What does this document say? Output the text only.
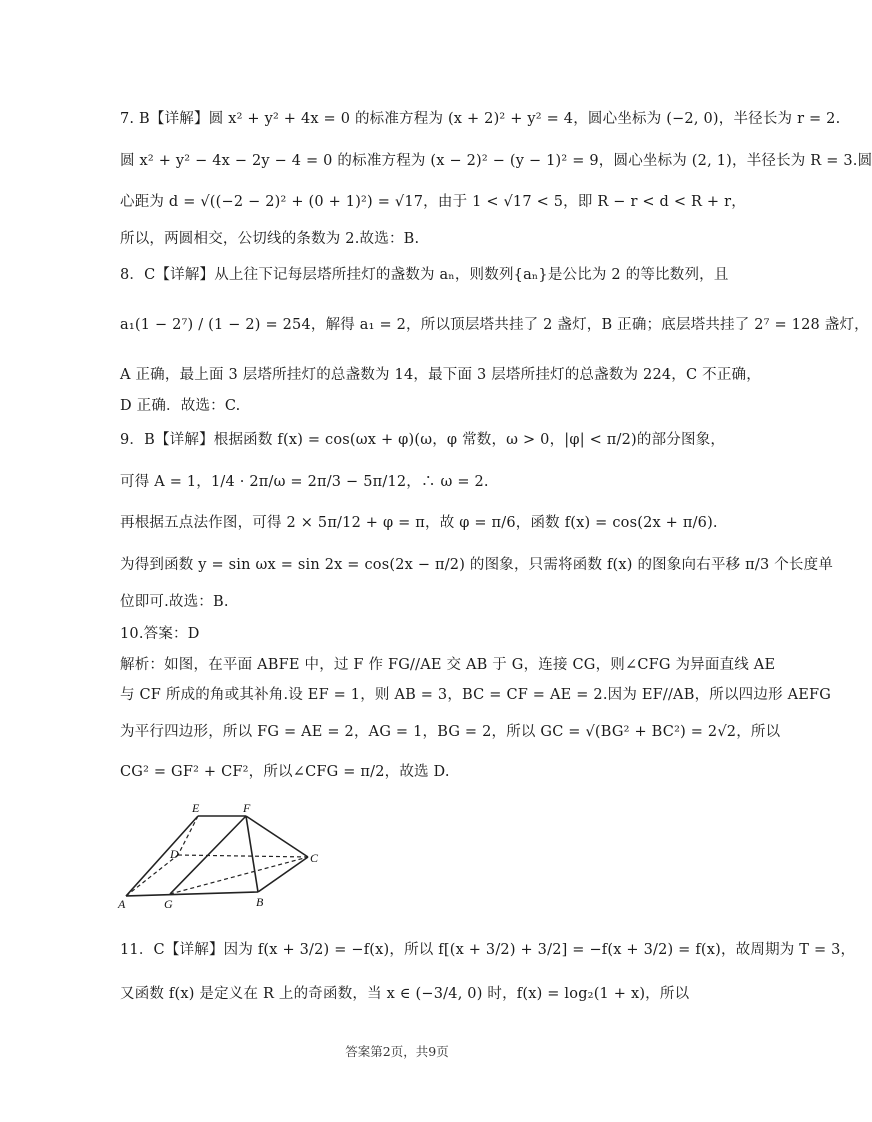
7. B【详解】圆 x² + y² + 4x = 0 的标准方程为 (x + 2)² + y² = 4，圆心坐标为 (−2, 0)，半径长为 r = 2.
圆 x² + y² − 4x − 2y − 4 = 0 的标准方程为 (x − 2)² − (y − 1)² = 9，圆心坐标为 (2, 1)，半径长为 R = 3.圆
心距为 d = √((−2 − 2)² + (0 + 1)²) = √17，由于 1 < √17 < 5，即 R − r < d < R + r，
所以，两圆相交，公切线的条数为 2.故选：B.
8．C【详解】从上往下记每层塔所挂灯的盏数为 aₙ，则数列{aₙ}是公比为 2 的等比数列，且
a₁(1 − 2⁷) / (1 − 2) = 254，解得 a₁ = 2，所以顶层塔共挂了 2 盏灯，B 正确；底层塔共挂了 2⁷ = 128 盏灯，
A 正确，最上面 3 层塔所挂灯的总盏数为 14，最下面 3 层塔所挂灯的总盏数为 224，C 不正确，
D 正确．故选：C.
9．B【详解】根据函数 f(x) = cos(ωx + φ)(ω，φ 常数，ω > 0，|φ| < π/2)的部分图象，
可得 A = 1，1/4 · 2π/ω = 2π/3 − 5π/12，∴ ω = 2.
再根据五点法作图，可得 2 × 5π/12 + φ = π，故 φ = π/6，函数 f(x) = cos(2x + π/6).
为得到函数 y = sin ωx = sin 2x = cos(2x − π/2) 的图象，只需将函数 f(x) 的图象向右平移 π/3 个长度单
位即可.故选：B.
10.答案：D
解析：如图，在平面 ABFE 中，过 F 作 FG//AE 交 AB 于 G，连接 CG，则∠CFG 为异面直线 AE
与 CF 所成的角或其补角.设 EF = 1，则 AB = 3，BC = CF = AE = 2.因为 EF//AB，所以四边形 AEFG
为平行四边形，所以 FG = AE = 2，AG = 1，BG = 2，所以 GC = √(BG² + BC²) = 2√2，所以
CG² = GF² + CF²，所以∠CFG = π/2，故选 D.
A	G	B
C
D
E	F
11．C【详解】因为 f(x + 3/2) = −f(x)，所以 f[(x + 3/2) + 3/2] = −f(x + 3/2) = f(x)，故周期为 T = 3，
又函数 f(x) 是定义在 R 上的奇函数，当 x ∈ (−3/4, 0) 时，f(x) = log₂(1 + x)，所以
答案第2页，共9页
